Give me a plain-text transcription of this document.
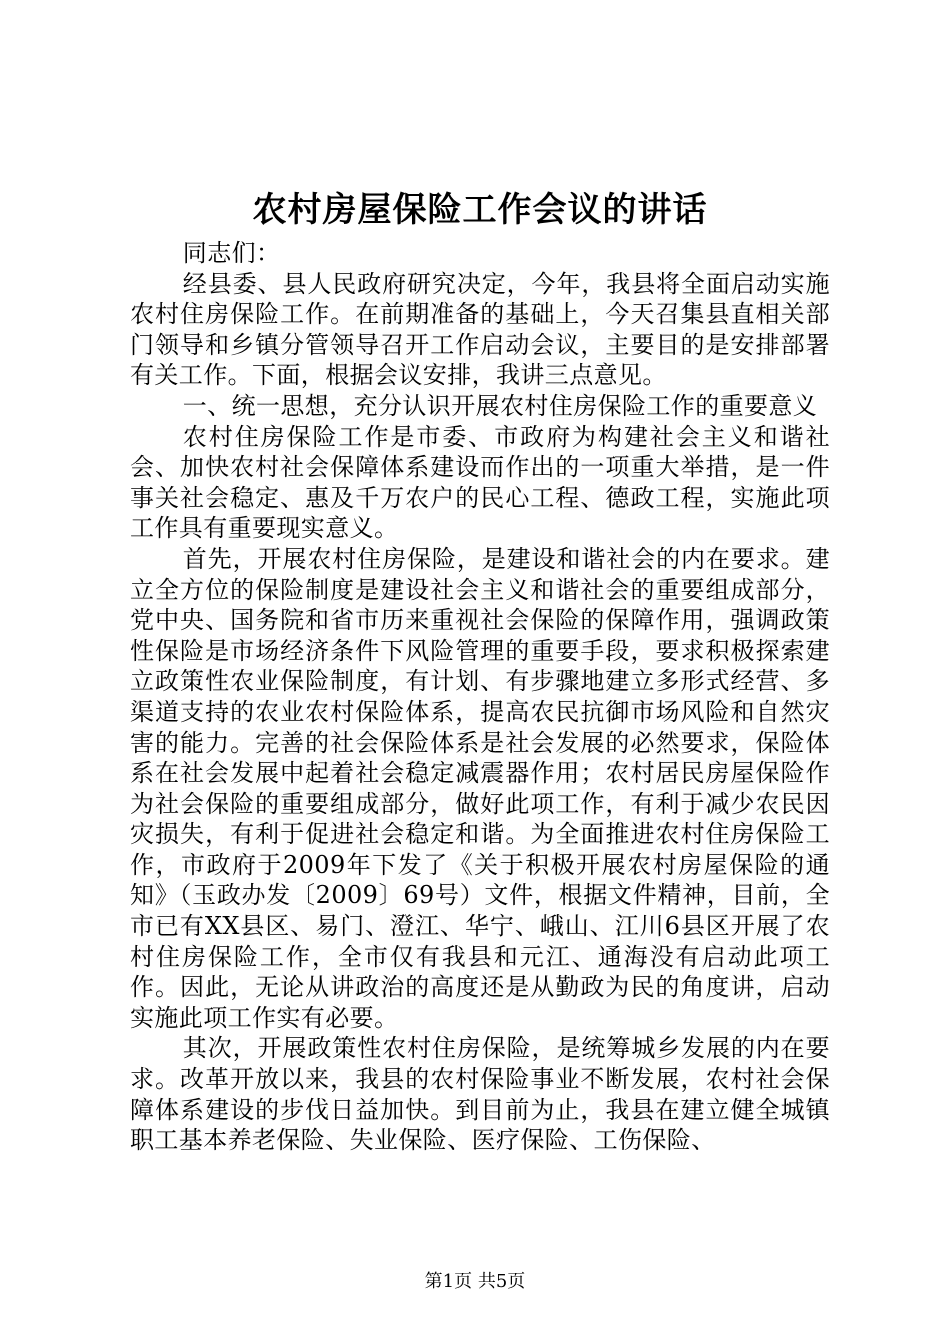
农村房屋保险工作会议的讲话

同志们：

经县委、县人民政府研究决定，今年，我县将全面启动实施农村住房保险工作。在前期准备的基础上，今天召集县直相关部门领导和乡镇分管领导召开工作启动会议，主要目的是安排部署有关工作。下面，根据会议安排，我讲三点意见。

一、统一思想，充分认识开展农村住房保险工作的重要意义

农村住房保险工作是市委、市政府为构建社会主义和谐社会、加快农村社会保障体系建设而作出的一项重大举措，是一件事关社会稳定、惠及千万农户的民心工程、德政工程，实施此项工作具有重要现实意义。

首先，开展农村住房保险，是建设和谐社会的内在要求。建立全方位的保险制度是建设社会主义和谐社会的重要组成部分，党中央、国务院和省市历来重视社会保险的保障作用，强调政策性保险是市场经济条件下风险管理的重要手段，要求积极探索建立政策性农业保险制度，有计划、有步骤地建立多形式经营、多渠道支持的农业农村保险体系，提高农民抗御市场风险和自然灾害的能力。完善的社会保险体系是社会发展的必然要求，保险体系在社会发展中起着社会稳定减震器作用；农村居民房屋保险作为社会保险的重要组成部分，做好此项工作，有利于减少农民因灾损失，有利于促进社会稳定和谐。为全面推进农村住房保险工作，市政府于2009年下发了《关于积极开展农村房屋保险的通知》（玉政办发〔2009〕69号）文件，根据文件精神，目前，全市已有XX县区、易门、澄江、华宁、峨山、江川6县区开展了农村住房保险工作，全市仅有我县和元江、通海没有启动此项工作。因此，无论从讲政治的高度还是从勤政为民的角度讲，启动实施此项工作实有必要。

其次，开展政策性农村住房保险，是统筹城乡发展的内在要求。改革开放以来，我县的农村保险事业不断发展，农村社会保障体系建设的步伐日益加快。到目前为止，我县在建立健全城镇职工基本养老保险、失业保险、医疗保险、工伤保险、

第1页 共5页
